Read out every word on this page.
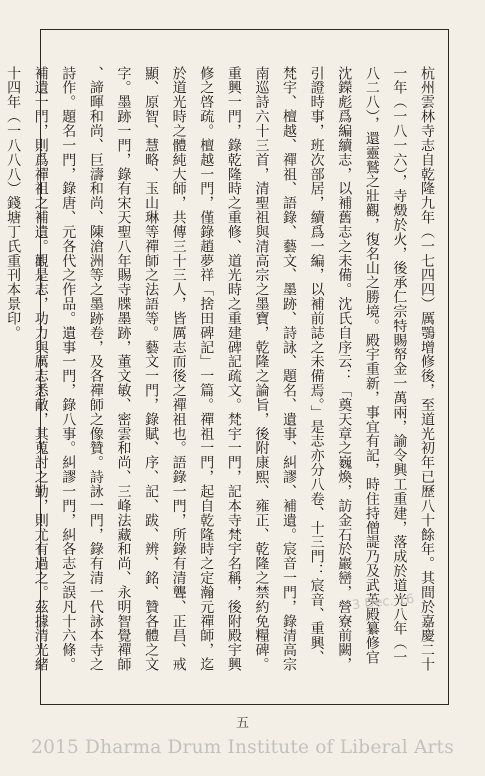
杭州雲林寺志自乾隆九年（一七四四）厲鶚增修後，至道光初年已歷八十餘年。其間於嘉慶二十
一年（一八一六），寺燬於火，後承仁宗特賜帑金一萬兩，諭令興工重建，落成於道光八年（一
八二八），還靈鷲之壯觀，復名山之勝境。殿宇重新，事宜有記，時住持僧諟乃及武英殿纂修官
沈鑅彪爲編續志，以補舊志之未備。沈氏自序云：「奠天章之巍煥，訪金石於巖巒，營寮前闕，
引證時事，班次部居，續爲一編，以補前誌之未備焉。」是志亦分八卷、十三門：宸音、重興、
梵宇、檀越、禪祖、語錄、藝文、墨跡、詩詠、題名、遺事、糾謬、補遺。宸音一門，錄清高宗
南巡詩六十三首，清聖祖與清高宗之墨寶，乾隆之論旨，後附康熙、雍正、乾隆之禁約免糧碑。
重興一門，錄乾隆時之重修、道光時之重建碑記疏文。梵宇一門，記本寺梵宇名稱，後附殿宇興
修之啓疏。檀越一門，僅錄趙夢祥「捨田碑記」一篇。禪祖一門，起自乾隆時之定瀚元禪師，迄
於道光時之體純大師，共傳三十三人，皆厲志而後之禪祖也。語錄一門，所錄有清聾、正昌、戒
顯、原智、慧略、玉山琳等禪師之法語等。藝文一門，錄賦、序、記、跋、辨、銘、贊各體之文
字。墨跡一門，錄有宋天聖八年賜寺牒墨跡，董文敏、密雲和尚、三峰法藏和尚、永明智覺禪師
、諦暉和尚、巨濤和尚、陳滄洲等之墨跡卷，及各禪師之像贊。詩詠一門，錄有清一代詠本寺之
詩作。題名一門，錄唐、元各代之作品。遺事一門，錄八事。糾謬一門，糾各志之誤凡十六條。
補遺一門，則爲禪祖之補遺。觀是志，功力與厲志悉敵，其蒐討之勤，則尤有過之。茲據清光緒
十四年（一八八八）錢塘丁氏重刊本景印。
3 Dec. 16
五
2015 Dharma Drum Institute of Liberal Arts
